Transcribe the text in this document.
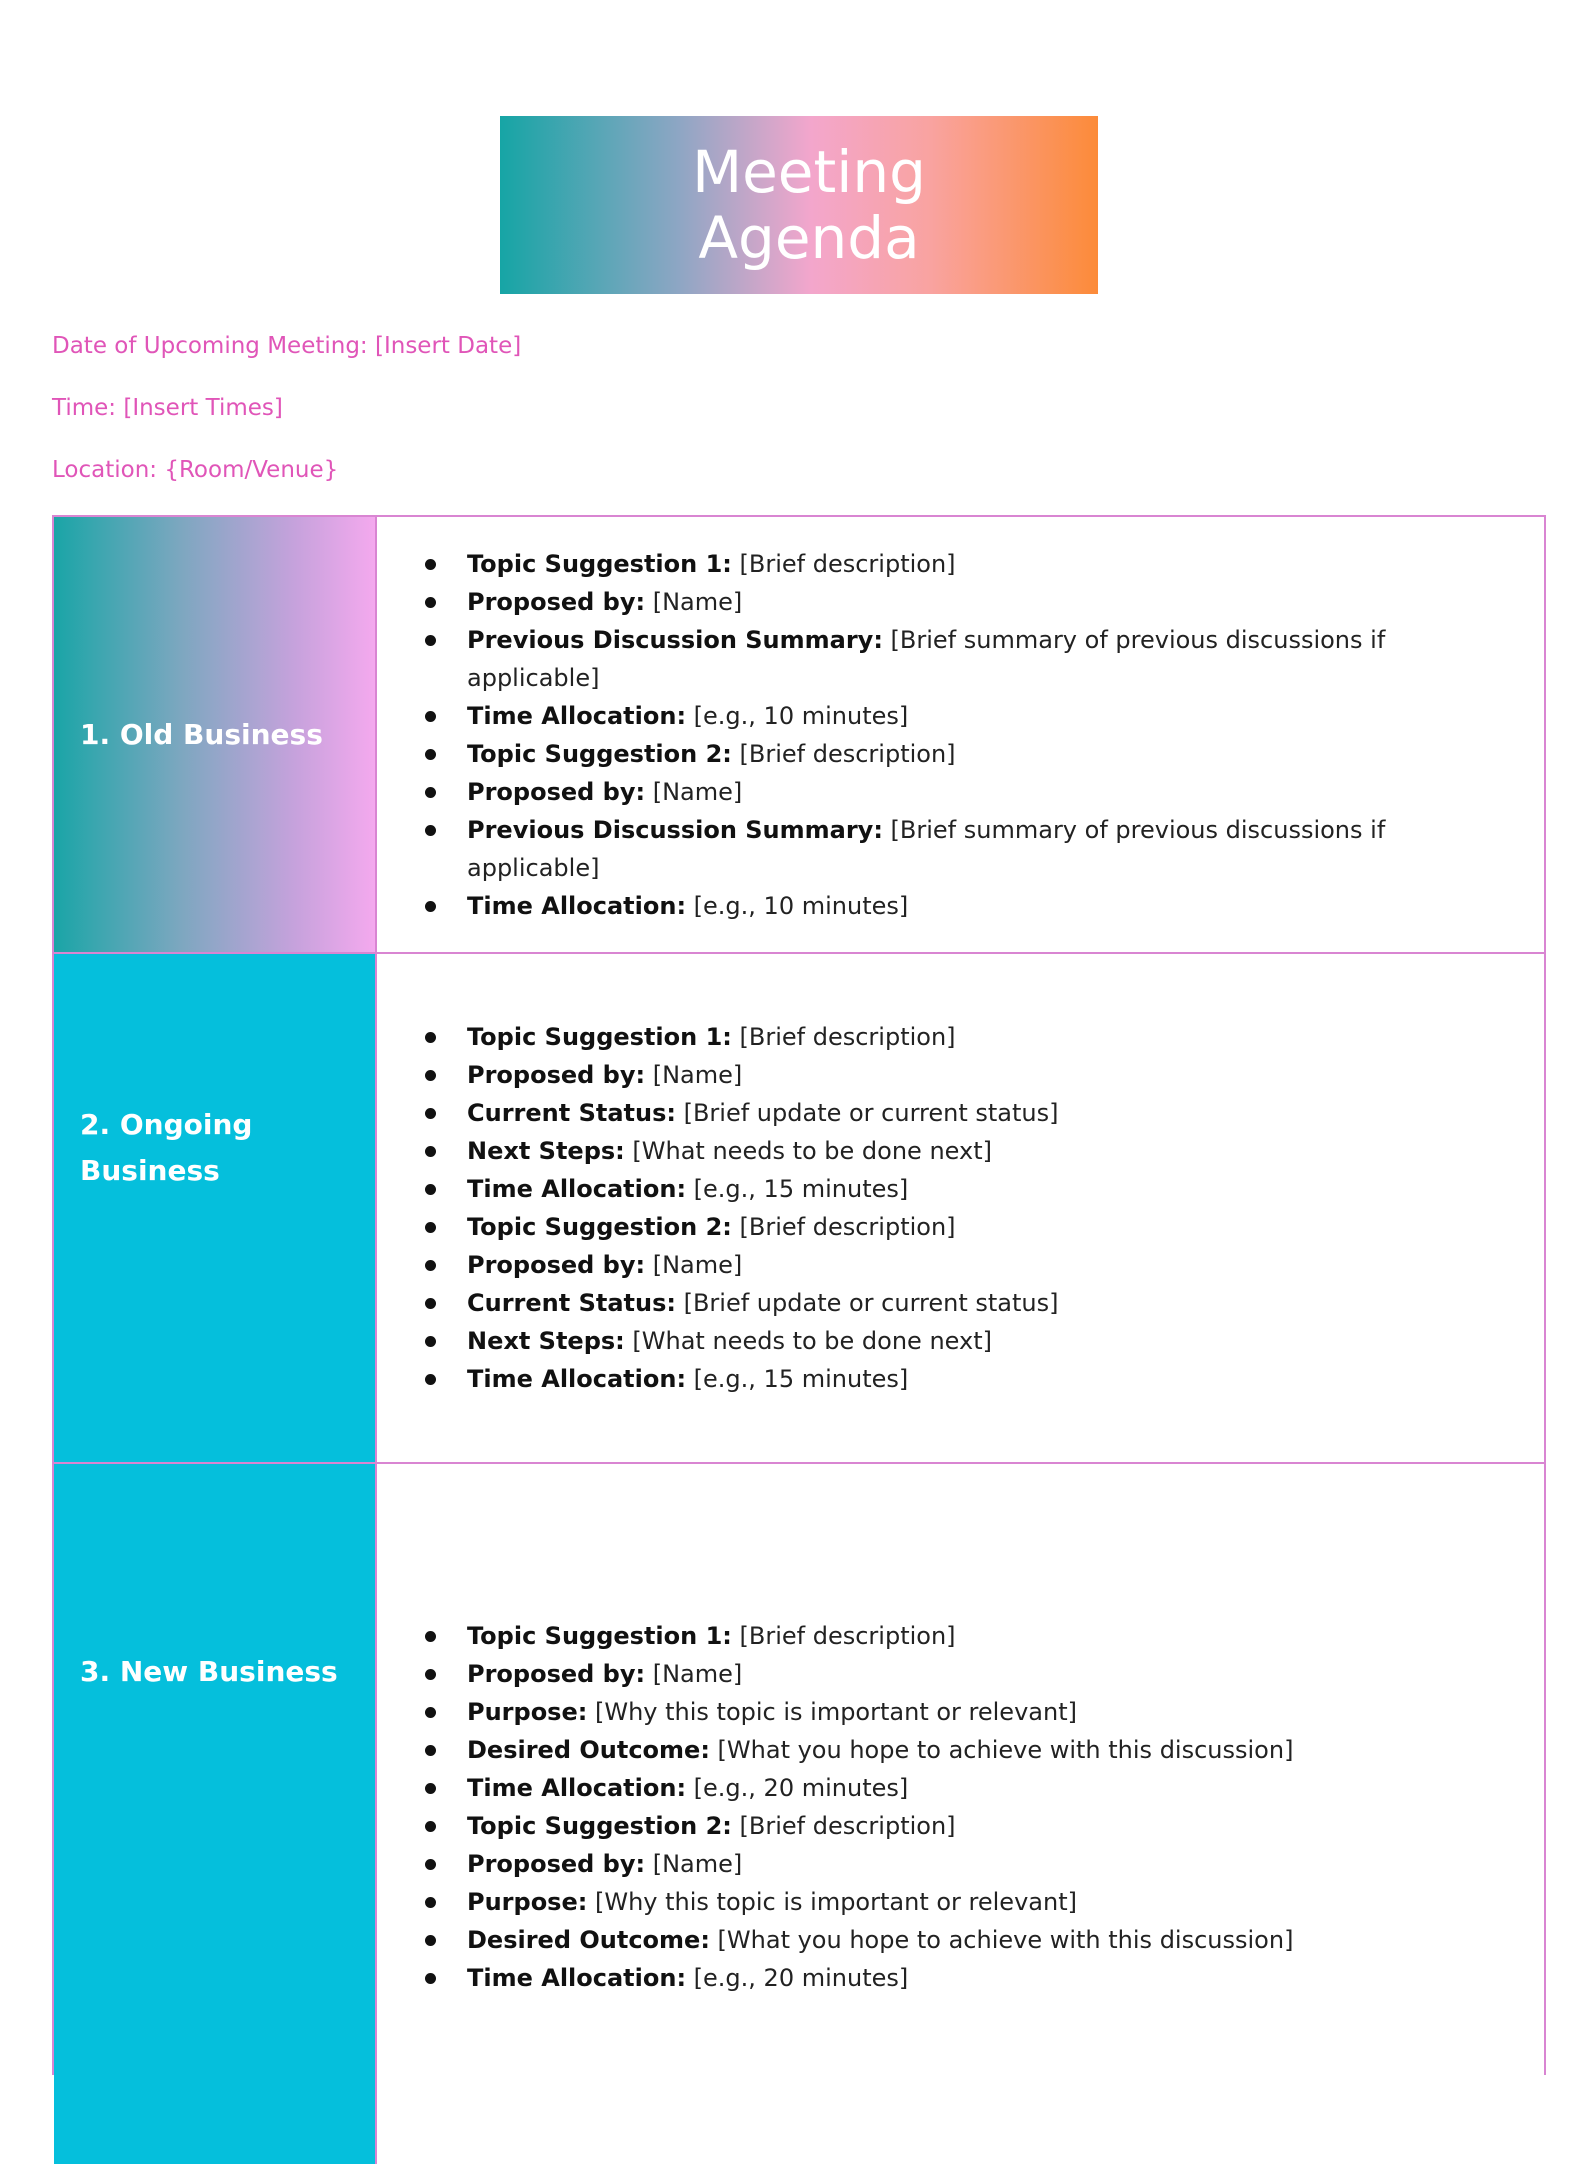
Meeting
Agenda
Date of Upcoming Meeting: [Insert Date]
Time: [Insert Times]
Location: {Room/Venue}
1. Old Business
Topic Suggestion 1: [Brief description]
Proposed by: [Name]
Previous Discussion Summary: [Brief summary of previous discussions if applicable]
Time Allocation: [e.g., 10 minutes]
Topic Suggestion 2: [Brief description]
Proposed by: [Name]
Previous Discussion Summary: [Brief summary of previous discussions if applicable]
Time Allocation: [e.g., 10 minutes]
2. Ongoing Business
Topic Suggestion 1: [Brief description]
Proposed by: [Name]
Current Status: [Brief update or current status]
Next Steps: [What needs to be done next]
Time Allocation: [e.g., 15 minutes]
Topic Suggestion 2: [Brief description]
Proposed by: [Name]
Current Status: [Brief update or current status]
Next Steps: [What needs to be done next]
Time Allocation: [e.g., 15 minutes]
3. New Business
Topic Suggestion 1: [Brief description]
Proposed by: [Name]
Purpose: [Why this topic is important or relevant]
Desired Outcome: [What you hope to achieve with this discussion]
Time Allocation: [e.g., 20 minutes]
Topic Suggestion 2: [Brief description]
Proposed by: [Name]
Purpose: [Why this topic is important or relevant]
Desired Outcome: [What you hope to achieve with this discussion]
Time Allocation: [e.g., 20 minutes]
